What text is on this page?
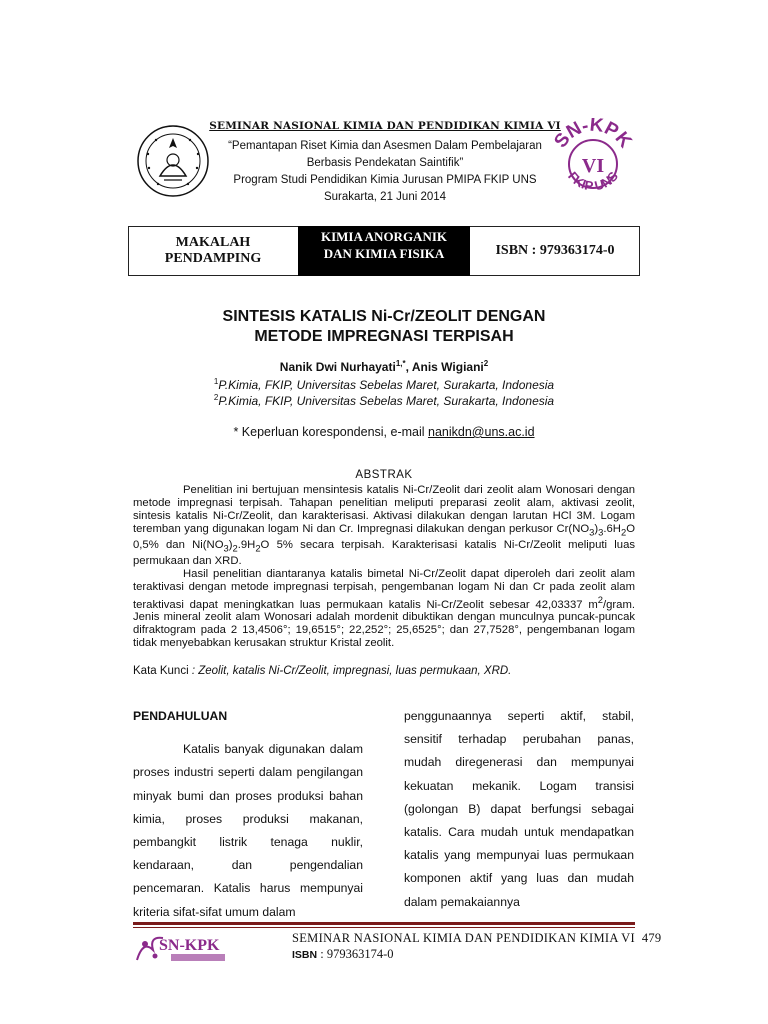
SEMINAR NASIONAL KIMIA DAN PENDIDIKAN KIMIA VI
“Pemantapan Riset Kimia dan Asesmen Dalam Pembelajaran
Berbasis Pendekatan Saintifik”
Program Studi Pendidikan Kimia Jurusan PMIPA FKIP UNS
Surakarta, 21 Juni 2014
SN-KPK
VI
FKIP UNS
MAKALAH
PENDAMPING
KIMIA ANORGANIK
DAN KIMIA FISIKA	ISBN : 979363174-0
SINTESIS KATALIS Ni-Cr/ZEOLIT DENGAN
METODE IMPREGNASI TERPISAH
Nanik Dwi Nurhayati$^{1,*}$, Anis Wigiani$^2$
$^1$P.Kimia, FKIP, Universitas Sebelas Maret, Surakarta, Indonesia
$^2$P.Kimia, FKIP, Universitas Sebelas Maret, Surakarta, Indonesia
* Keperluan korespondensi, e-mail nanikdn@uns.ac.id
ABSTRAK

Penelitian ini bertujuan mensintesis katalis Ni-Cr/Zeolit dari zeolit alam Wonosari dengan metode impregnasi terpisah. Tahapan penelitian meliputi preparasi zeolit alam, aktivasi zeolit, sintesis katalis Ni-Cr/Zeolit, dan karakterisasi. Aktivasi dilakukan dengan larutan HCl 3M. Logam teremban yang digunakan logam Ni dan Cr. Impregnasi dilakukan dengan perkusor $Cr(NO_3)_3.6H_2O$ 0,5% dan $Ni(NO_3)_2.9H_2O$ 5% secara terpisah. Karakterisasi katalis Ni-Cr/Zeolit meliputi luas permukaan dan XRD.

Hasil penelitian diantaranya katalis bimetal Ni-Cr/Zeolit dapat diperoleh dari zeolit alam teraktivasi dengan metode impregnasi terpisah, pengembanan logam Ni dan Cr pada zeolit alam teraktivasi dapat meningkatkan luas permukaan katalis Ni-Cr/Zeolit sebesar 42,03337 $m^2$/gram. Jenis mineral zeolit alam Wonosari adalah mordenit dibuktikan dengan munculnya puncak-puncak difraktogram pada 2 13,4506°; 19,6515°; 22,252°; 25,6525°; dan 27,7528°, pengembanan logam tidak menyebabkan kerusakan struktur Kristal zeolit.

Kata Kunci : Zeolit, katalis Ni-Cr/Zeolit, impregnasi, luas permukaan, XRD.
PENDAHULUAN

Katalis banyak digunakan dalam proses industri seperti dalam pengilangan minyak bumi dan proses produksi bahan kimia, proses produksi makanan, pembangkit listrik tenaga nuklir, kendaraan, dan pengendalian pencemaran. Katalis harus mempunyai kriteria sifat-sifat umum dalam

penggunaannya seperti aktif, stabil, sensitif terhadap perubahan panas, mudah diregenerasi dan mempunyai kekuatan mekanik. Logam transisi (golongan B) dapat berfungsi sebagai katalis. Cara mudah untuk mendapatkan katalis yang mempunyai luas permukaan komponen aktif yang luas dan mudah dalam pemakaiannya

SN-KPK	SEMINAR NASIONAL KIMIA DAN PENDIDIKAN KIMIA VI 479
ISBN : 979363174-0
